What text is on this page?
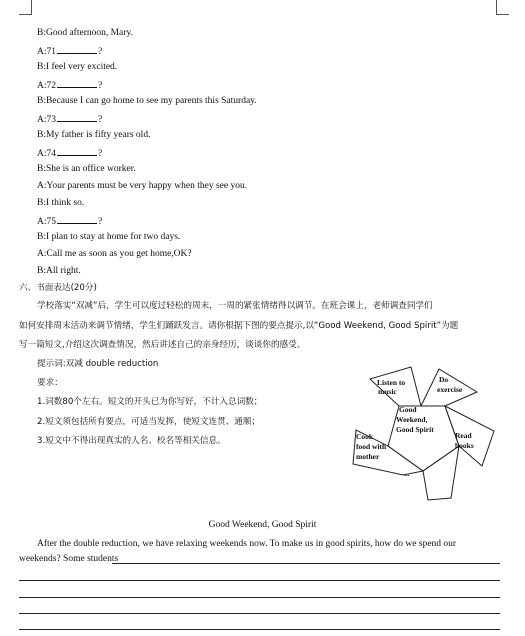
B:Good afternoon, Mary.
A:71	?
B:I feel very excited.
A:72	?
B:Because I can go home to see my parents this Saturday.
A:73	?
B:My father is fifty years old.
A:74	?
B:She is an office worker.
A:Your parents must be very happy when they see you.
B:I think so.
A:75	?
B:I plan to stay at home for two days.
A:Call me as soon as you get home,OK?
B:All right.
六、书面表达(20分)
学校落实“双减”后，学生可以度过轻松的周末，一周的紧张情绪得以调节。在班会课上，老师调查同学们
如何安排周末活动来调节情绪，学生们踊跃发言。请你根据下图的要点提示,以“Good Weekend, Good Spirit”为题
写一篇短文,介绍这次调查情况，然后讲述自己的亲身经历，谈谈你的感受。
提示词:双减 double reduction
要求：
1.词数80个左右。短文的开头已为你写好，不计入总词数；
2.短文须包括所有要点，可适当发挥，使短文连贯、通顺；
3.短文中不得出现真实的人名、校名等相关信息。
Listen to
music
Do
exercise
Good
Weekend,
Good Spirit
Read
books
Cook
food with
mother
...
Good Weekend, Good Spirit
After the double reduction, we have relaxing weekends now. To make us in good spirits, how do we spend our
weekends? Some students
